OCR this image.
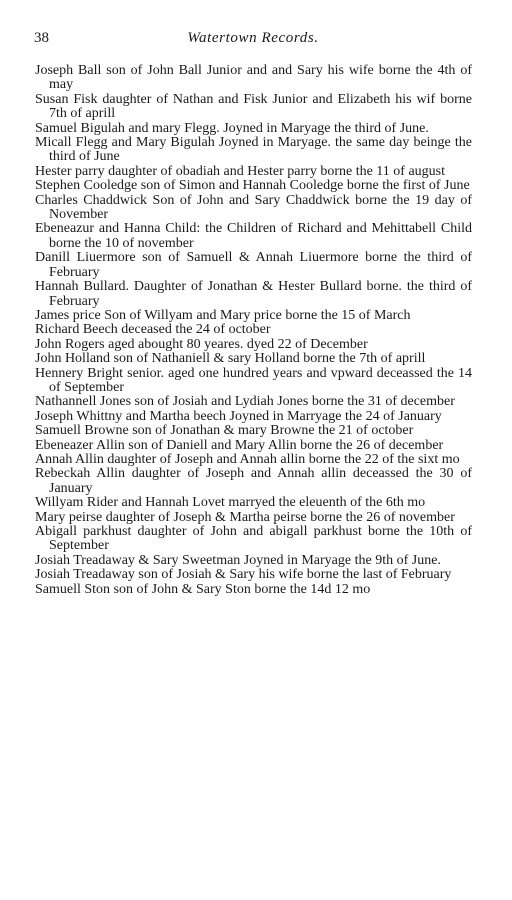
38	Watertown Records.
Joseph Ball son of John Ball Junior and and Sary his wife borne the 4th of may
Susan Fisk daughter of Nathan and Fisk Junior and Elizabeth his wif borne 7th of aprill
Samuel Bigulah and mary Flegg. Joyned in Maryage the third of June.
Micall Flegg and Mary Bigulah Joyned in Maryage. the same day beinge the third of June
Hester parry daughter of obadiah and Hester parry borne the 11 of august
Stephen Cooledge son of Simon and Hannah Cooledge borne the first of June
Charles Chaddwick Son of John and Sary Chaddwick borne the 19 day of November
Ebeneazur and Hanna Child: the Children of Richard and Mehittabell Child borne the 10 of november
Danill Liuermore son of Samuell & Annah Liuermore borne the third of February
Hannah Bullard. Daughter of Jonathan & Hester Bullard borne. the third of February
James price Son of Willyam and Mary price borne the 15 of March
Richard Beech deceased the 24 of october
John Rogers aged abought 80 yeares. dyed 22 of December
John Holland son of Nathaniell & sary Holland borne the 7th of aprill
Hennery Bright senior. aged one hundred years and vpward deceassed the 14 of September
Nathannell Jones son of Josiah and Lydiah Jones borne the 31 of december
Joseph Whittny and Martha beech Joyned in Marryage the 24 of January
Samuell Browne son of Jonathan & mary Browne the 21 of october
Ebeneazer Allin son of Daniell and Mary Allin borne the 26 of december
Annah Allin daughter of Joseph and Annah allin borne the 22 of the sixt mo
Rebeckah Allin daughter of Joseph and Annah allin deceassed the 30 of January
Willyam Rider and Hannah Lovet marryed the eleuenth of the 6th mo
Mary peirse daughter of Joseph & Martha peirse borne the 26 of november
Abigall parkhust daughter of John and abigall parkhust borne the 10th of September
Josiah Treadaway & Sary Sweetman Joyned in Maryage the 9th of June.
Josiah Treadaway son of Josiah & Sary his wife borne the last of February
Samuell Ston son of John & Sary Ston borne the 14d 12 mo
